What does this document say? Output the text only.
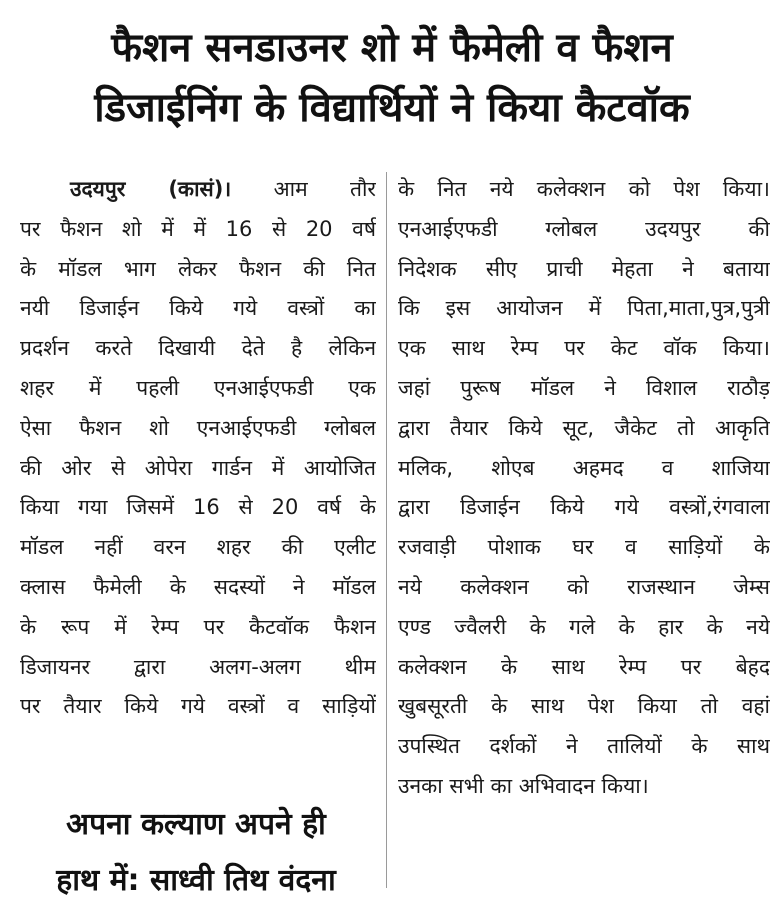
फैशन सनडाउनर शो में फैमेली व फैशन
डिजाईनिंग के विद्यार्थियों ने किया कैटवॉक
उदयपुर (कासं)। आम तौर
पर फैशन शो में में 16 से 20 वर्ष
के मॉडल भाग लेकर फैशन की नित
नयी डिजाईन किये गये वस्त्रों का
प्रदर्शन करते दिखायी देते है लेकिन
शहर में पहली एनआईएफडी एक
ऐसा फैशन शो एनआईएफडी ग्लोबल
की ओर से ओपेरा गार्डन में आयोजित
किया गया जिसमें 16 से 20 वर्ष के
मॉडल नहीं वरन शहर की एलीट
क्लास फैमेली के सदस्यों ने मॉडल
के रूप में रेम्प पर कैटवॉक फैशन
डिजायनर द्वारा अलग-अलग थीम
पर तैयार किये गये वस्त्रों व साड़ियों
के नित नये कलेक्शन को पेश किया।
एनआईएफडी ग्लोबल उदयपुर की
निदेशक सीए प्राची मेहता ने बताया
कि इस आयोजन में पिता,माता,पुत्र,पुत्री
एक साथ रेम्प पर केट वॉक किया।
जहां पुरूष मॉडल ने विशाल राठौड़
द्वारा तैयार किये सूट, जैकेट तो आकृति
मलिक, शोएब अहमद व शाजिया
द्वारा डिजाईन किये गये वस्त्रों,रंगवाला
रजवाड़ी पोशाक घर व साड़ियों के
नये कलेक्शन को राजस्थान जेम्स
एण्ड ज्वैलरी के गले के हार के नये
कलेक्शन के साथ रेम्प पर बेहद
खुबसूरती के साथ पेश किया तो वहां
उपस्थित दर्शकों ने तालियों के साथ
उनका सभी का अभिवादन किया।
अपना कल्याण अपने ही
हाथ में: साध्वी तिथ वंदना
